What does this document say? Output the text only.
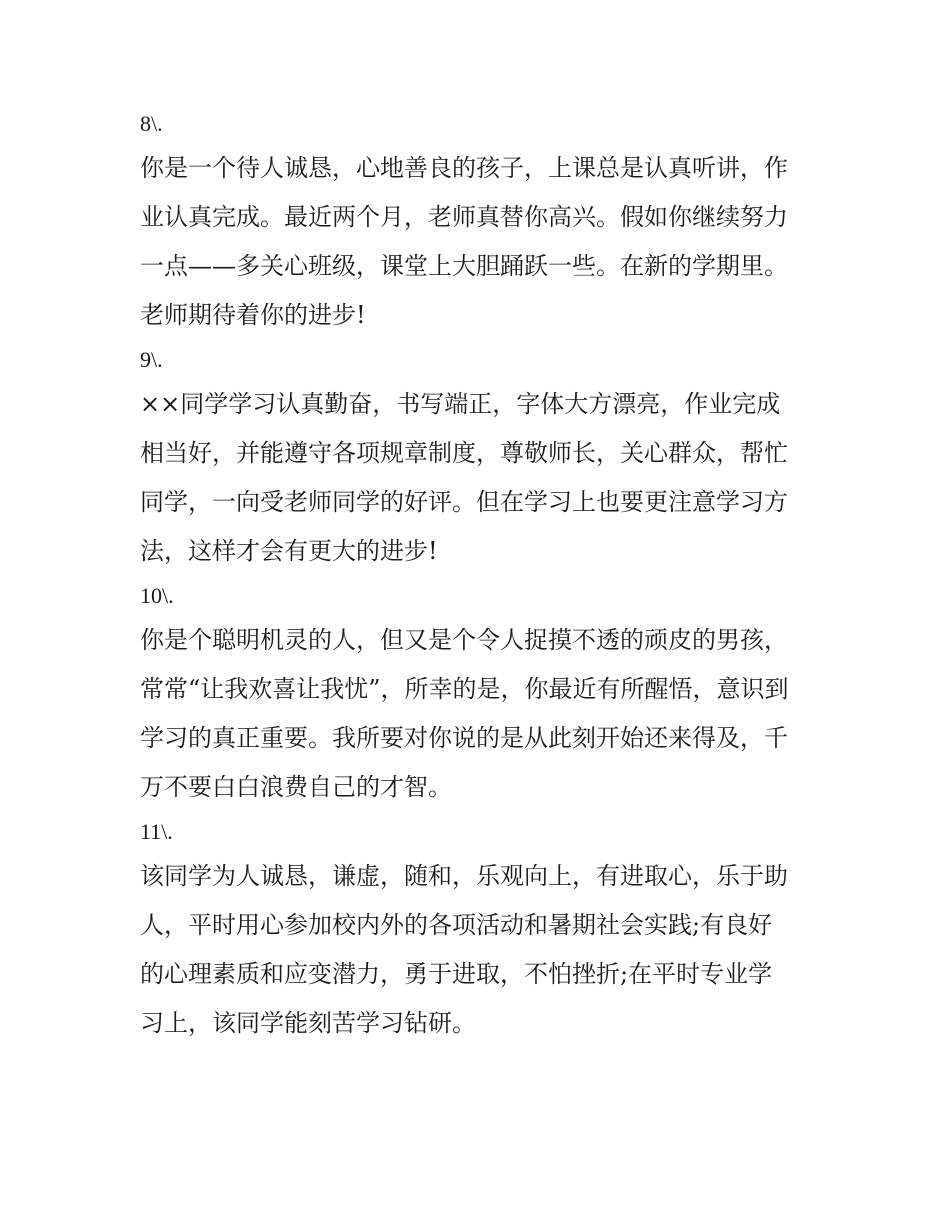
8\.
你是一个待人诚恳，心地善良的孩子，上课总是认真听讲，作
业认真完成。最近两个月，老师真替你高兴。假如你继续努力
一点——多关心班级，课堂上大胆踊跃一些。在新的学期里。
老师期待着你的进步!
9\.
××同学学习认真勤奋，书写端正，字体大方漂亮，作业完成
相当好，并能遵守各项规章制度，尊敬师长，关心群众，帮忙
同学，一向受老师同学的好评。但在学习上也要更注意学习方
法，这样才会有更大的进步!
10\.
你是个聪明机灵的人，但又是个令人捉摸不透的顽皮的男孩，
常常“让我欢喜让我忧”，所幸的是，你最近有所醒悟，意识到
学习的真正重要。我所要对你说的是从此刻开始还来得及，千
万不要白白浪费自己的才智。
11\.
该同学为人诚恳，谦虚，随和，乐观向上，有进取心，乐于助
人，平时用心参加校内外的各项活动和暑期社会实践;有良好
的心理素质和应变潜力，勇于进取，不怕挫折;在平时专业学
习上，该同学能刻苦学习钻研。
